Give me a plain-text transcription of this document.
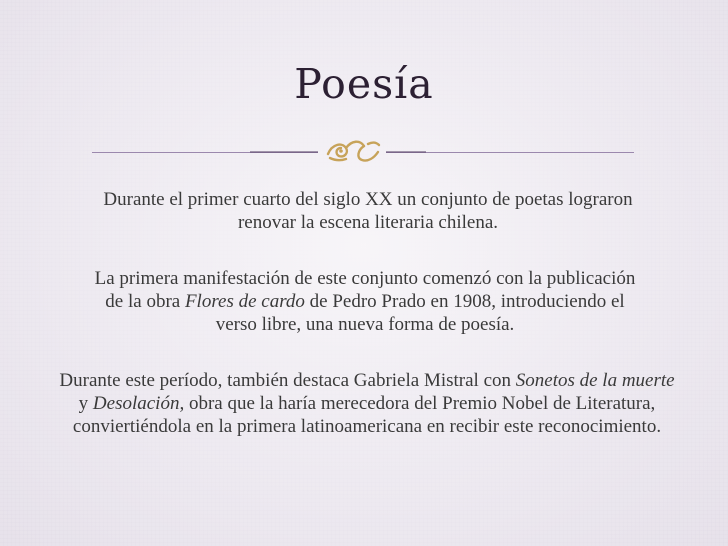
Poesía

Durante el primer cuarto del siglo XX un conjunto de poetas lograron renovar la escena literaria chilena.

La primera manifestación de este conjunto comenzó con la publicación de la obra Flores de cardo de Pedro Prado en 1908, introduciendo el verso libre, una nueva forma de poesía.

Durante este período, también destaca Gabriela Mistral con Sonetos de la muerte y Desolación, obra que la haría merecedora del Premio Nobel de Literatura, conviertiéndola en la primera latinoamericana en recibir este reconocimiento.
